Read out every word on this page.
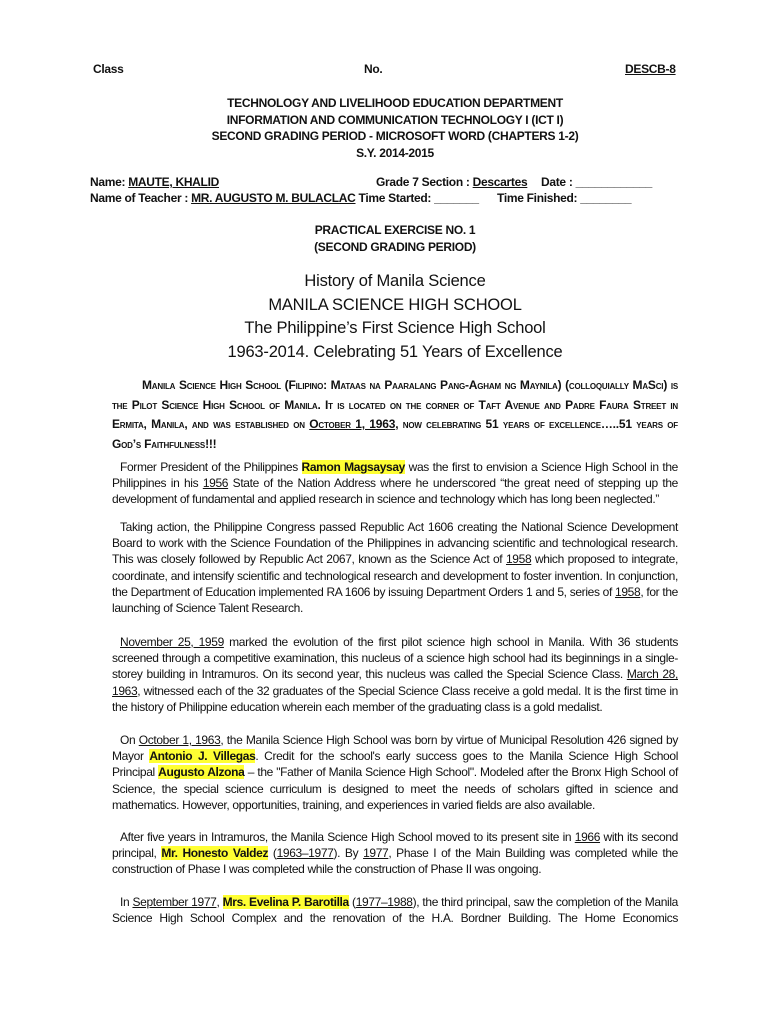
Class	No.	DESCB-8
TECHNOLOGY AND LIVELIHOOD EDUCATION DEPARTMENT
INFORMATION AND COMMUNICATION TECHNOLOGY I (ICT I)
SECOND GRADING PERIOD - MICROSOFT WORD (CHAPTERS 1-2)
S.Y. 2014-2015
Name: MAUTE, KHALID	Grade 7 Section : Descartes Date : ____________
Name of Teacher : MR. AUGUSTO M. BULACLAC Time Started: _______ Time Finished: ________
PRACTICAL EXERCISE NO. 1
(SECOND GRADING PERIOD)
History of Manila Science
MANILA SCIENCE HIGH SCHOOL
The Philippine’s First Science High School
1963-2014. Celebrating 51 Years of Excellence
Manila Science High School (Filipino: Mataas na Paaralang Pang-Agham ng Maynila) (colloquially MaSci) is the Pilot Science High School of Manila. It is located on the corner of Taft Avenue and Padre Faura Street in Ermita, Manila, and was established on October 1, 1963, now celebrating 51 years of excellence…..51 years of God’s Faithfulness!!!
Former President of the Philippines Ramon Magsaysay was the first to envision a Science High School in the Philippines in his 1956 State of the Nation Address where he underscored “the great need of stepping up the development of fundamental and applied research in science and technology which has long been neglected.”
Taking action, the Philippine Congress passed Republic Act 1606 creating the National Science Development Board to work with the Science Foundation of the Philippines in advancing scientific and technological research. This was closely followed by Republic Act 2067, known as the Science Act of 1958 which proposed to integrate, coordinate, and intensify scientific and technological research and development to foster invention. In conjunction, the Department of Education implemented RA 1606 by issuing Department Orders 1 and 5, series of 1958, for the launching of Science Talent Research.
November 25, 1959 marked the evolution of the first pilot science high school in Manila. With 36 students screened through a competitive examination, this nucleus of a science high school had its beginnings in a single-storey building in Intramuros. On its second year, this nucleus was called the Special Science Class. March 28, 1963, witnessed each of the 32 graduates of the Special Science Class receive a gold medal. It is the first time in the history of Philippine education wherein each member of the graduating class is a gold medalist.
On October 1, 1963, the Manila Science High School was born by virtue of Municipal Resolution 426 signed by Mayor Antonio J. Villegas. Credit for the school's early success goes to the Manila Science High School Principal Augusto Alzona – the "Father of Manila Science High School". Modeled after the Bronx High School of Science, the special science curriculum is designed to meet the needs of scholars gifted in science and mathematics. However, opportunities, training, and experiences in varied fields are also available.
After five years in Intramuros, the Manila Science High School moved to its present site in 1966 with its second principal, Mr. Honesto Valdez (1963–1977). By 1977, Phase I of the Main Building was completed while the construction of Phase I was completed while the construction of Phase II was ongoing.
In September 1977, Mrs. Evelina P. Barotilla (1977–1988), the third principal, saw the completion of the Manila Science High School Complex and the renovation of the H.A. Bordner Building. The Home Economics
